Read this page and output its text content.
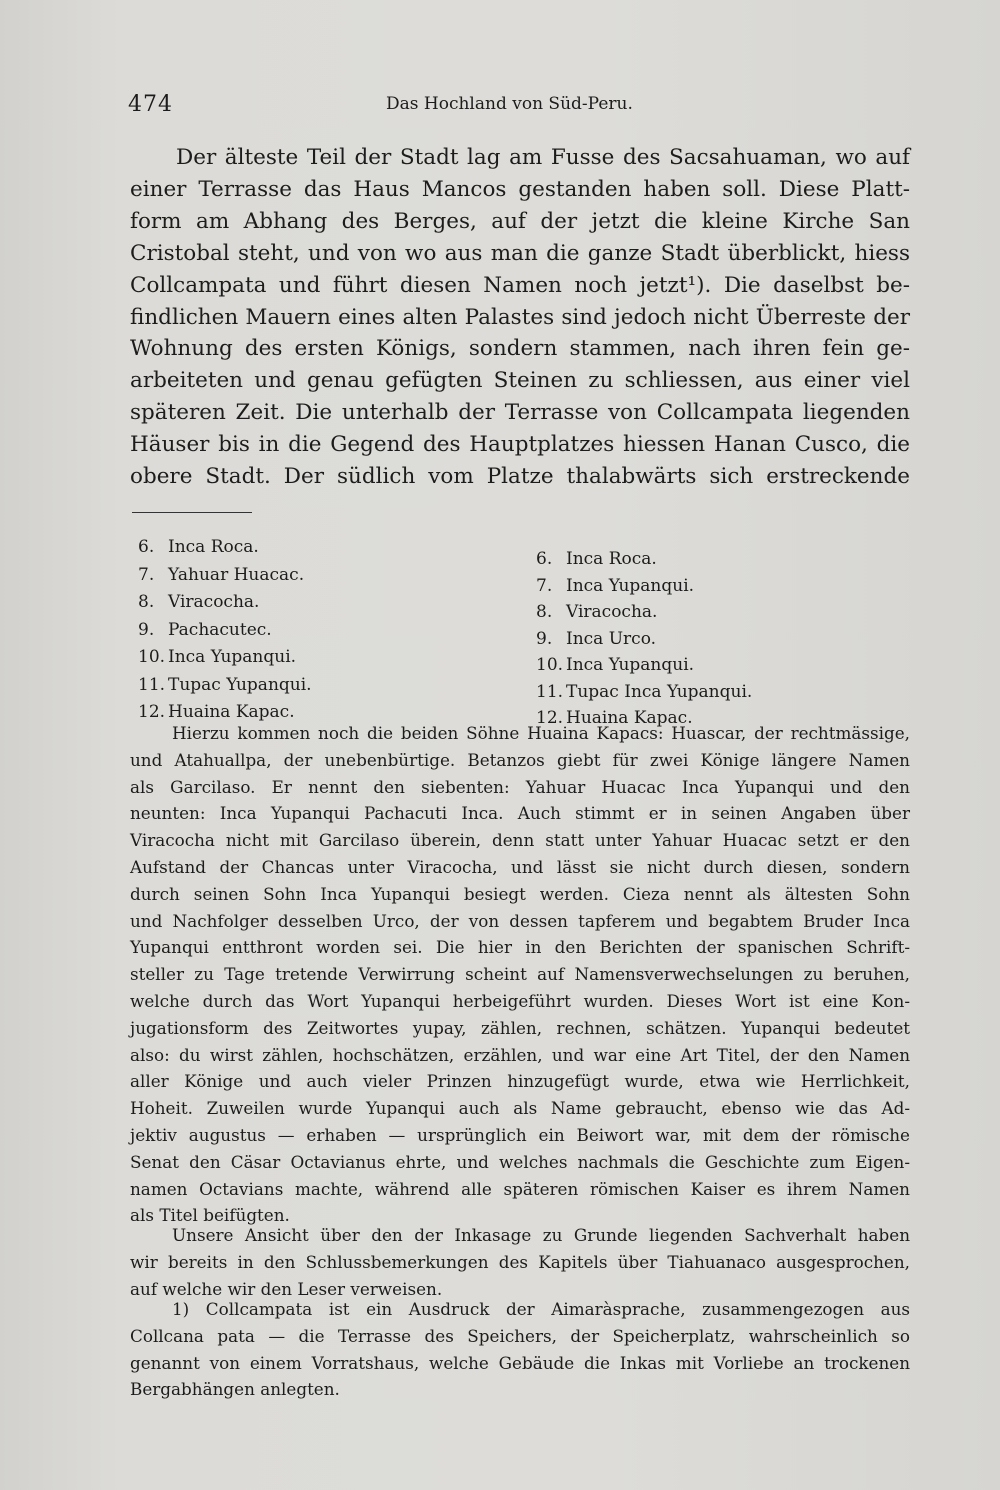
474	Das Hochland von Süd-Peru.

Der älteste Teil der Stadt lag am Fusse des Sacsahuaman, wo auf
einer Terrasse das Haus Mancos gestanden haben soll. Diese Platt-
form am Abhang des Berges, auf der jetzt die kleine Kirche San
Cristobal steht, und von wo aus man die ganze Stadt überblickt, hiess
Collcampata und führt diesen Namen noch jetzt¹). Die daselbst be-
findlichen Mauern eines alten Palastes sind jedoch nicht Überreste der
Wohnung des ersten Königs, sondern stammen, nach ihren fein ge-
arbeiteten und genau gefügten Steinen zu schliessen, aus einer viel
späteren Zeit. Die unterhalb der Terrasse von Collcampata liegenden
Häuser bis in die Gegend des Hauptplatzes hiessen Hanan Cusco, die
obere Stadt. Der südlich vom Platze thalabwärts sich erstreckende

6. Inca Roca.
7. Yahuar Huacac.
8. Viracocha.
9. Pachacutec.
10. Inca Yupanqui.
11. Tupac Yupanqui.
12. Huaina Kapac.
6. Inca Roca.
7. Inca Yupanqui.
8. Viracocha.
9. Inca Urco.
10. Inca Yupanqui.
11. Tupac Inca Yupanqui.
12. Huaina Kapac.
Hierzu kommen noch die beiden Söhne Huaina Kapacs: Huascar, der rechtmässige,
und Atahuallpa, der unebenbürtige. Betanzos giebt für zwei Könige längere Namen
als Garcilaso. Er nennt den siebenten: Yahuar Huacac Inca Yupanqui und den
neunten: Inca Yupanqui Pachacuti Inca. Auch stimmt er in seinen Angaben über
Viracocha nicht mit Garcilaso überein, denn statt unter Yahuar Huacac setzt er den
Aufstand der Chancas unter Viracocha, und lässt sie nicht durch diesen, sondern
durch seinen Sohn Inca Yupanqui besiegt werden. Cieza nennt als ältesten Sohn
und Nachfolger desselben Urco, der von dessen tapferem und begabtem Bruder Inca
Yupanqui entthront worden sei. Die hier in den Berichten der spanischen Schrift-
steller zu Tage tretende Verwirrung scheint auf Namensverwechselungen zu beruhen,
welche durch das Wort Yupanqui herbeigeführt wurden. Dieses Wort ist eine Kon-
jugationsform des Zeitwortes yupay, zählen, rechnen, schätzen. Yupanqui bedeutet
also: du wirst zählen, hochschätzen, erzählen, und war eine Art Titel, der den Namen
aller Könige und auch vieler Prinzen hinzugefügt wurde, etwa wie Herrlichkeit,
Hoheit. Zuweilen wurde Yupanqui auch als Name gebraucht, ebenso wie das Ad-
jektiv augustus — erhaben — ursprünglich ein Beiwort war, mit dem der römische
Senat den Cäsar Octavianus ehrte, und welches nachmals die Geschichte zum Eigen-
namen Octavians machte, während alle späteren römischen Kaiser es ihrem Namen
als Titel beifügten.
Unsere Ansicht über den der Inkasage zu Grunde liegenden Sachverhalt haben
wir bereits in den Schlussbemerkungen des Kapitels über Tiahuanaco ausgesprochen,
auf welche wir den Leser verweisen.
1) Collcampata ist ein Ausdruck der Aimaràsprache, zusammengezogen aus
Collcana pata — die Terrasse des Speichers, der Speicherplatz, wahrscheinlich so
genannt von einem Vorratshaus, welche Gebäude die Inkas mit Vorliebe an trockenen
Bergabhängen anlegten.
